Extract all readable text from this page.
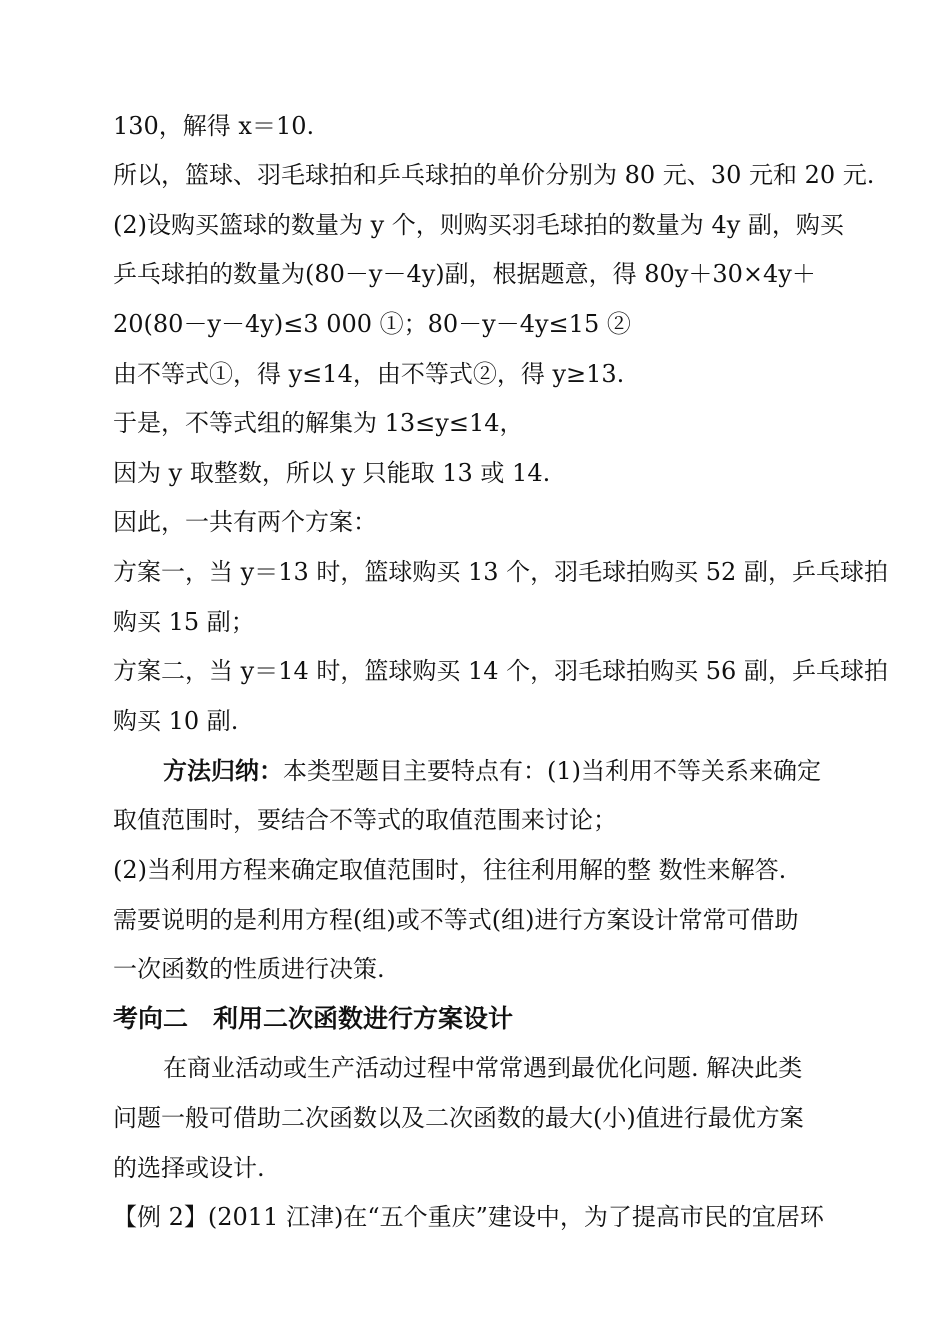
130，解得 x＝10.
所以，篮球、羽毛球拍和乒乓球拍的单价分别为 80 元、30 元和 20 元.
(2)设购买篮球的数量为 y 个，则购买羽毛球拍的数量为 4y 副，购买
乒乓球拍的数量为(80－y－4y)副，根据题意，得 80y＋30×4y＋
20(80－y－4y)≤3 000 ①；80－y－4y≤15 ②
由不等式①，得 y≤14，由不等式②，得 y≥13.
于是，不等式组的解集为 13≤y≤14，
因为 y 取整数，所以 y 只能取 13 或 14.
因此，一共有两个方案：
方案一，当 y＝13 时，篮球购买 13 个，羽毛球拍购买 52 副，乒乓球拍
购买 15 副；
方案二，当 y＝14 时，篮球购买 14 个，羽毛球拍购买 56 副，乒乓球拍
购买 10 副.
方法归纳：本类型题目主要特点有：(1)当利用不等关系来确定
取值范围时，要结合不等式的取值范围来讨论；
(2)当利用方程来确定取值范围时，往往利用解的整 数性来解答.
需要说明的是利用方程(组)或不等式(组)进行方案设计常常可借助
一次函数的性质进行决策.
考向二　利用二次函数进行方案设计
在商业活动或生产活动过程中常常遇到最优化问题. 解决此类
问题一般可借助二次函数以及二次函数的最大(小)值进行最优方案
的选择或设计.
【例 2】(2011 江津)在“五个重庆”建设中，为了提高市民的宜居环
